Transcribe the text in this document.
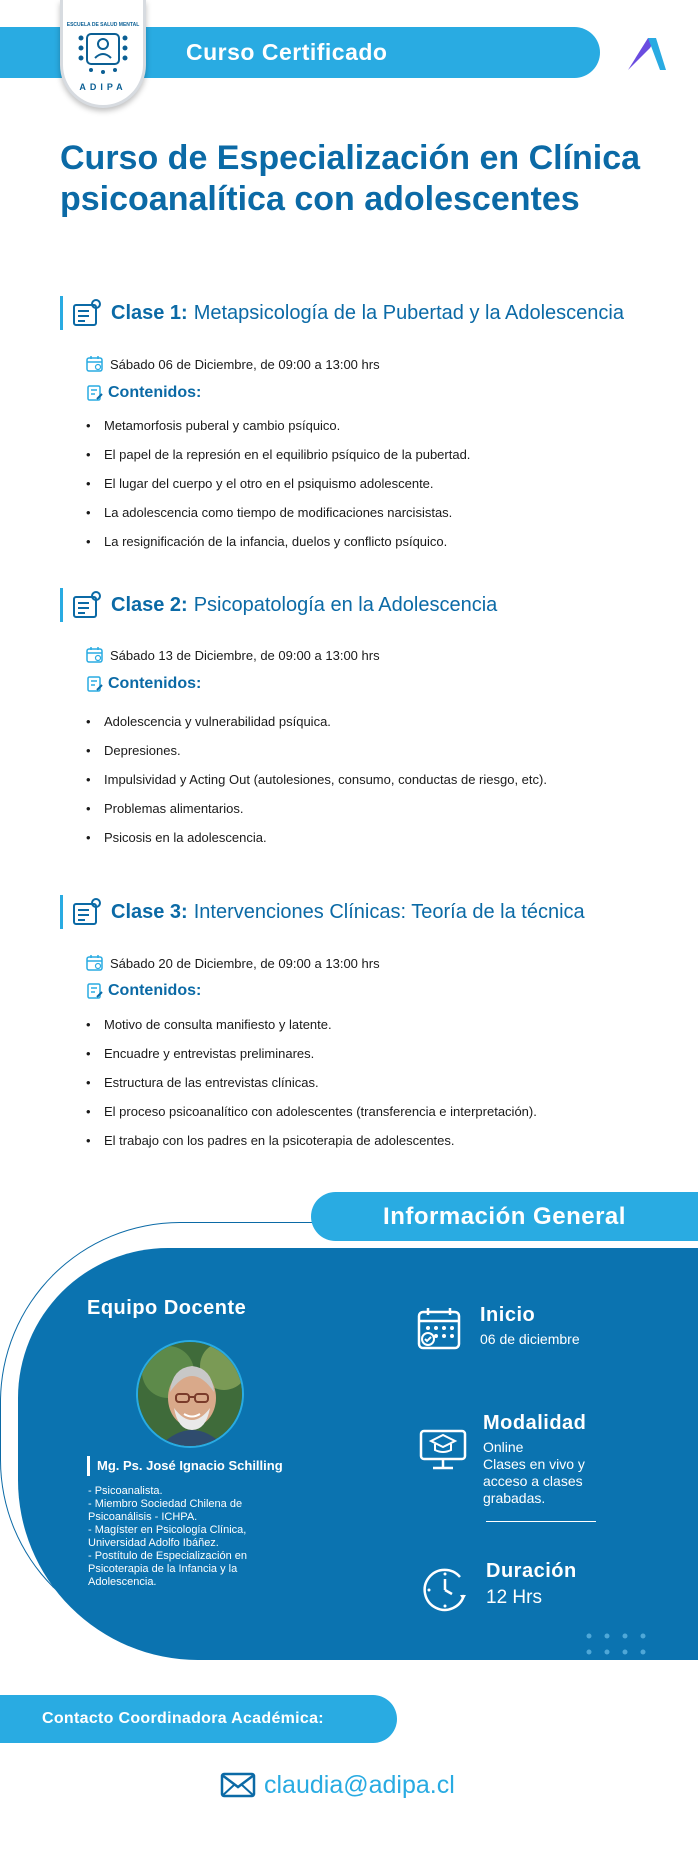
Curso Certificado
ESCUELA DE SALUD MENTAL
ADIPA
Curso de Especialización en Clínica psicoanalítica con adolescentes
Clase 1: Metapsicología de la Pubertad y la Adolescencia
Sábado 06 de Diciembre, de 09:00 a 13:00 hrs
Contenidos:
• Metamorfosis puberal y cambio psíquico.
• El papel de la represión en el equilibrio psíquico de la pubertad.
• El lugar del cuerpo y el otro en el psiquismo adolescente.
• La adolescencia como tiempo de modificaciones narcisistas.
• La resignificación de la infancia, duelos y conflicto psíquico.
Clase 2: Psicopatología en la Adolescencia
Sábado 13 de Diciembre, de 09:00 a 13:00 hrs
Contenidos:
• Adolescencia y vulnerabilidad psíquica.
• Depresiones.
• Impulsividad y Acting Out (autolesiones, consumo, conductas de riesgo, etc).
• Problemas alimentarios.
• Psicosis en la adolescencia.
Clase 3: Intervenciones Clínicas: Teoría de la técnica
Sábado 20 de Diciembre, de 09:00 a 13:00 hrs
Contenidos:
• Motivo de consulta manifiesto y latente.
• Encuadre y entrevistas preliminares.
• Estructura de las entrevistas clínicas.
• El proceso psicoanalítico con adolescentes (transferencia e interpretación).
• El trabajo con los padres en la psicoterapia de adolescentes.
Información General
Equipo Docente
Mg. Ps. José Ignacio Schilling
- Psicoanalista.
- Miembro Sociedad Chilena de Psicoanálisis - ICHPA.
- Magíster en Psicología Clínica, Universidad Adolfo Ibáñez.
- Postítulo de Especialización en Psicoterapia de la Infancia y la Adolescencia.
Inicio
06 de diciembre
Modalidad
Online
Clases en vivo y acceso a clases grabadas.
Duración
12 Hrs
Contacto Coordinadora Académica:
claudia@adipa.cl
